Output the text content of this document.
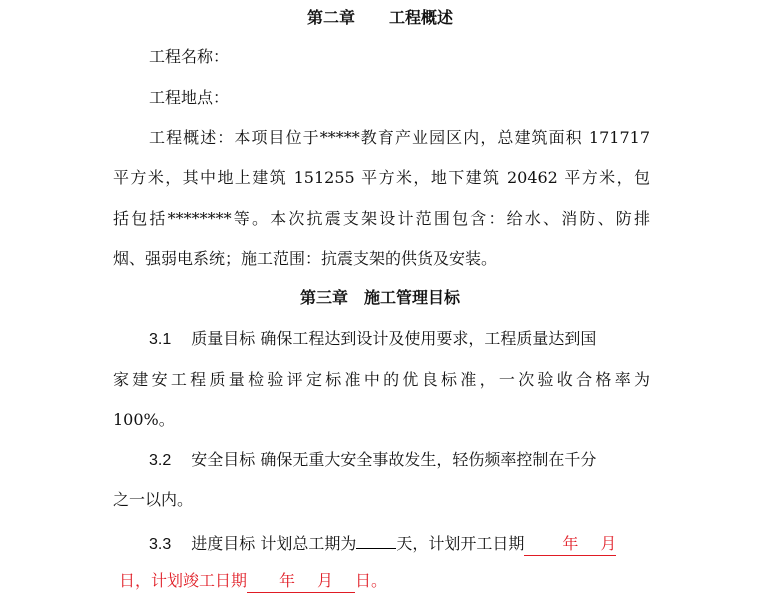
第二章 工程概述
工程名称：
工程地点：
工程概述：本项目位于*****教育产业园区内，总建筑面积 171717
平方米，其中地上建筑 151255 平方米，地下建筑 20462 平方米，包
括包括********等。本次抗震支架设计范围包含：给水、消防、防排
烟、强弱电系统；施工范围：抗震支架的供货及安装。
第三章　施工管理目标
3.1 质量目标 确保工程达到设计及使用要求，工程质量达到国
家建安工程质量检验评定标准中的优良标准，一次验收合格率为
100%。
3.2 安全目标 确保无重大安全事故发生，轻伤频率控制在千分
之一以内。
3.3 进度目标 计划总工期为	天，计划开工日期 年 月
日，计划竣工日期 年 月 日。
